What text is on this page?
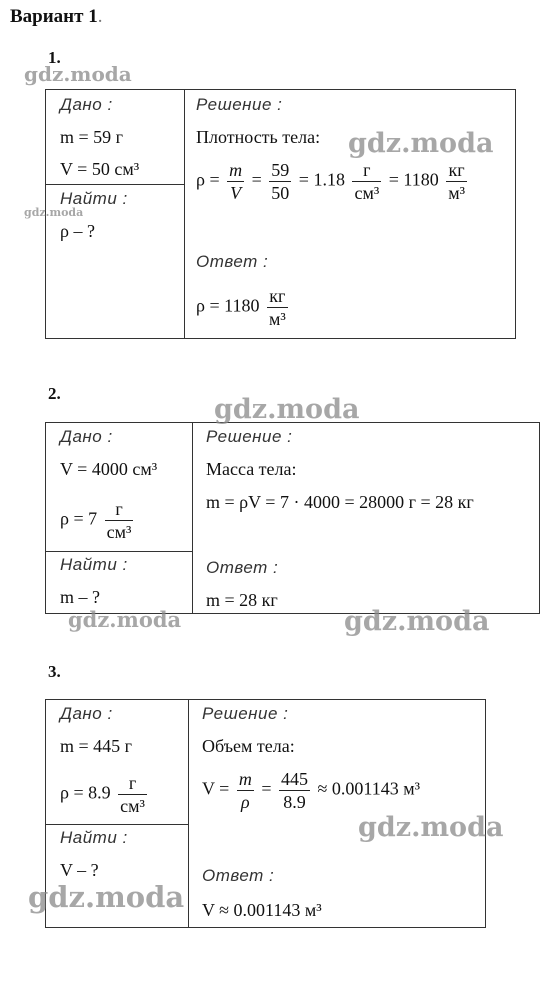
Вариант 1.
1.
Дано :
m = 59 г
V = 50 см³
Найти :
ρ – ?
Решение :
Плотность тела:
$\rho = \frac{m}{V} = \frac{59}{50} = 1.18 \frac{г}{\text{см³}} = 1180 \frac{кг}{\text{м³}}$
Ответ :
$\rho = 1180 \frac{кг}{\text{м³}}$
2.
Дано :
V = 4000 см³
$\rho = 7 \frac{г}{\text{см³}}$
Найти :
m – ?
Решение :
Масса тела:
m = ρV = 7 · 4000 = 28000 г = 28 кг
Ответ :
m = 28 кг
3.
Дано :
m = 445 г
$\rho = 8.9 \frac{г}{\text{см³}}$
Найти :
V – ?
Решение :
Объем тела:
$V = \frac{m}{\rho} = \frac{445}{8.9} \approx 0.001143$ м³
Ответ :
V ≈ 0.001143 м³
gdz.moda
gdz.moda
gdz.moda
gdz.moda
gdz.moda	gdz.moda
gdz.moda
gdz.moda
